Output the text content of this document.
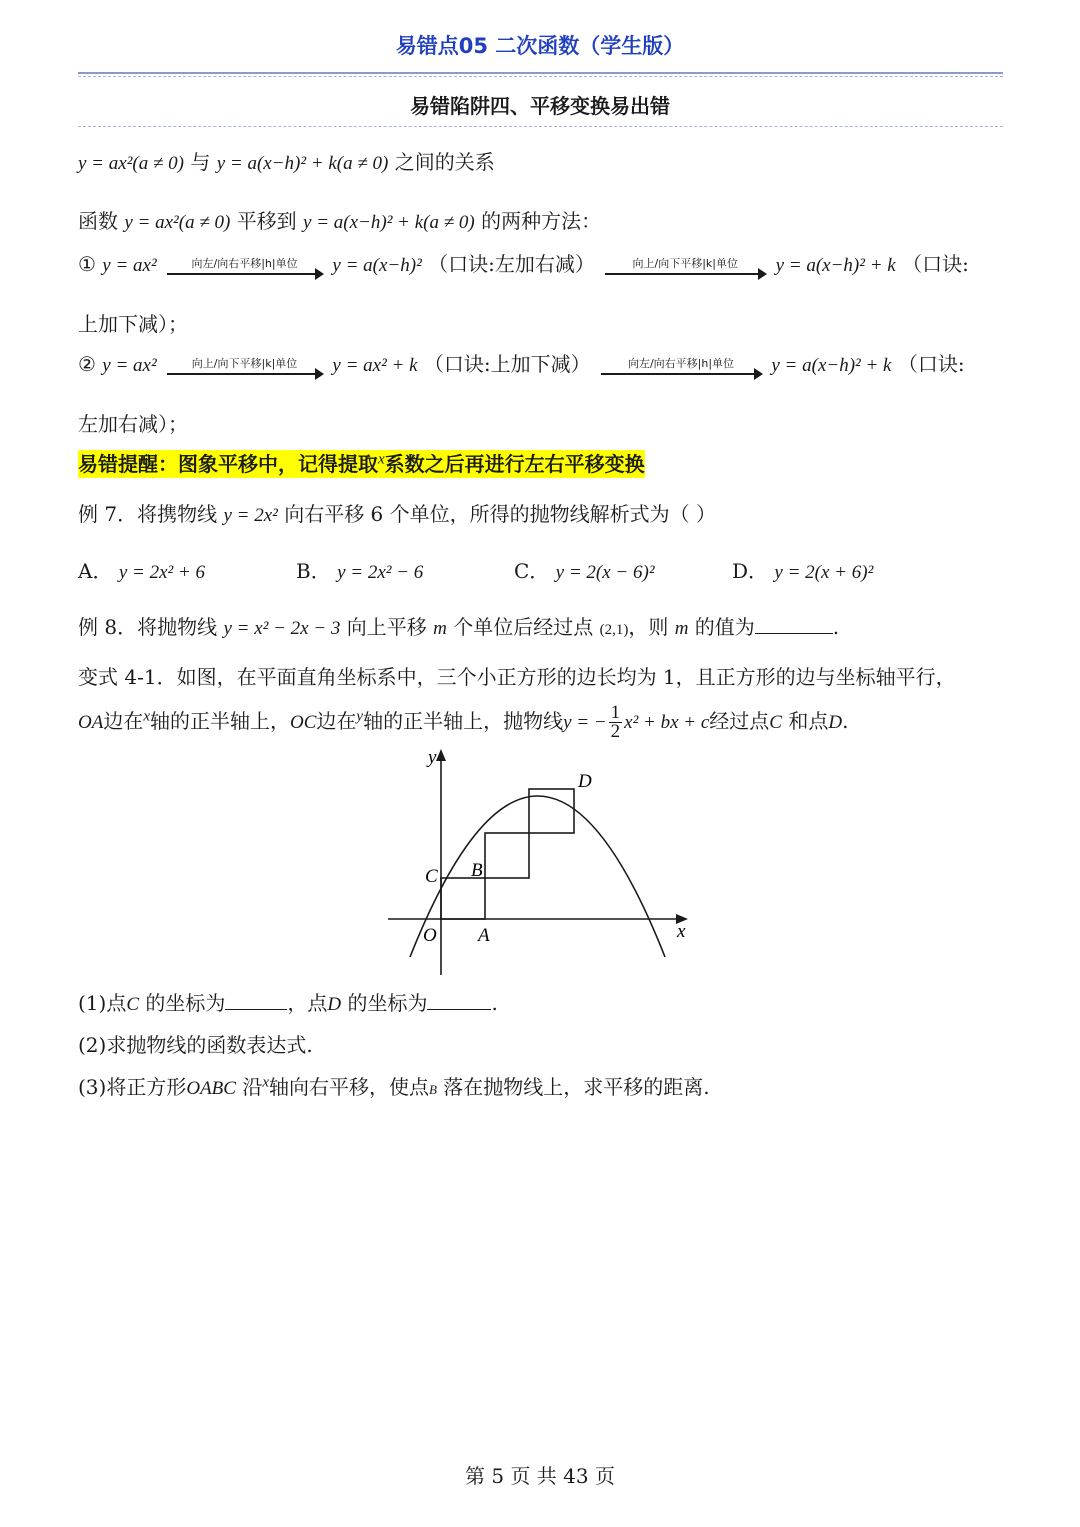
易错点05 二次函数（学生版）
易错陷阱四、平移变换易出错
y = ax²(a ≠ 0) 与 y = a(x−h)² + k(a ≠ 0) 之间的关系
函数 y = ax²(a ≠ 0) 平移到 y = a(x−h)² + k(a ≠ 0) 的两种方法：
① y = ax²	向左/向右平移|h|单位	y = a(x−h)² （口诀:左加右减）	向上/向下平移|k|单位	y = a(x−h)² + k （口诀:
上加下减）；
② y = ax²	向上/向下平移|k|单位	y = ax² + k （口诀:上加下减）	向左/向右平移|h|单位	y = a(x−h)² + k （口诀:
左加右减）；
易错提醒：图象平移中，记得提取$^x$系数之后再进行左右平移变换
例 7．将携物线 y = 2x² 向右平移 6 个单位，所得的抛物线解析式为（ ）
A． y = 2x² + 6	B． y = 2x² − 6	C． y = 2(x − 6)²	D． y = 2(x + 6)²
例 8．将抛物线 y = x² − 2x − 3 向上平移 m 个单位后经过点 (2,1)，则 m 的值为	.
变式 4-1．如图，在平面直角坐标系中，三个小正方形的边长均为 1，且正方形的边与坐标轴平行，
OA边在$^x$轴的正半轴上，OC边在$^y$轴的正半轴上，抛物线y = − $\frac{1}{2} x^2$ + bx + c经过点C 和点D.
y
x
O A
B
C
D
(1)点C 的坐标为	，点D 的坐标为	.
(2)求抛物线的函数表达式.
(3)将正方形OABC 沿$^x$轴向右平移，使点B 落在抛物线上，求平移的距离.
第 5 页 共 43 页
